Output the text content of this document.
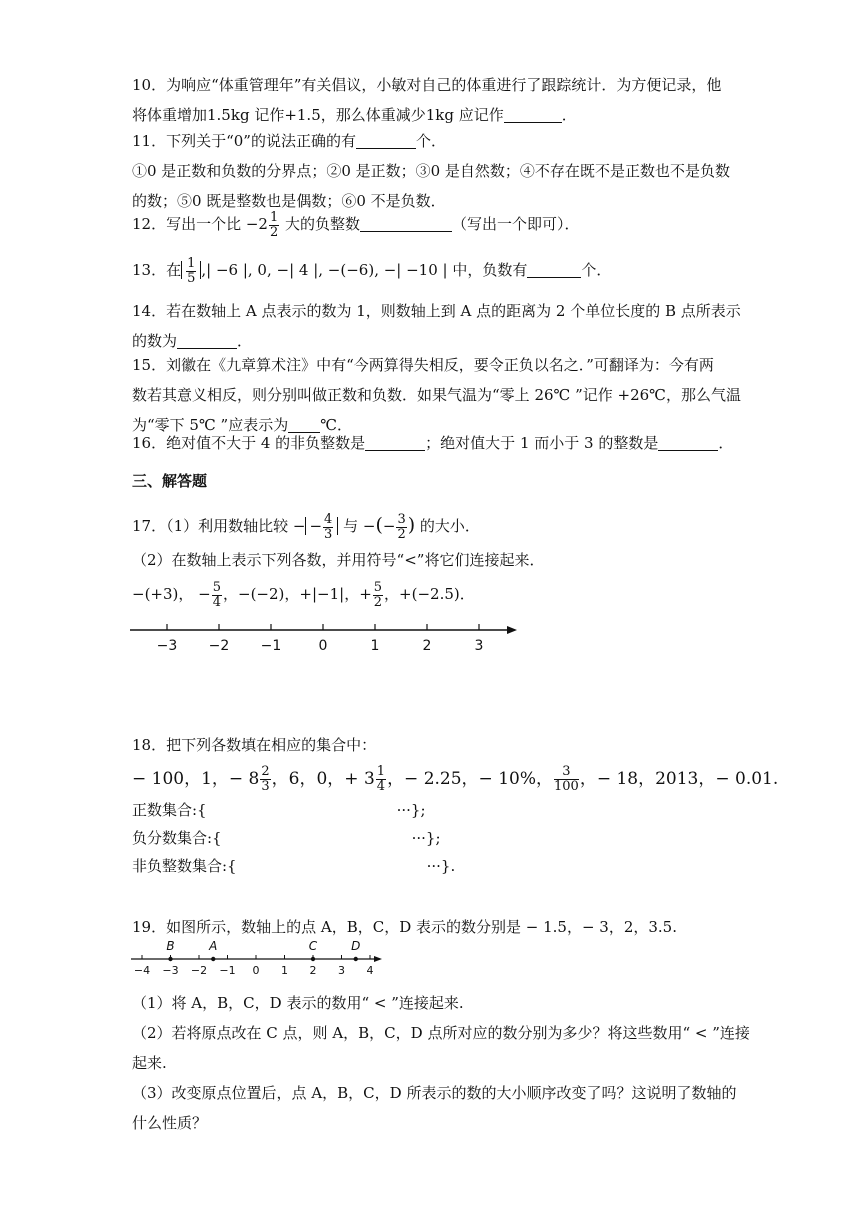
10．为响应“体重管理年”有关倡议，小敏对自己的体重进行了跟踪统计．为方便记录，他
将体重增加1.5kg 记作+1.5，那么体重减少1kg 应记作	．
11．下列关于“0”的说法正确的有	个．
①0 是正数和负数的分界点；②0 是正数；③0 是自然数；④不存在既不是正数也不是负数
的数；⑤0 既是整数也是偶数；⑥0 不是负数．
12．写出一个比 $-2 \frac{1}{2}$ 大的负整数	（写出一个即可）．
13．在 $\frac{1}{5}$ ,| −6 |, 0, −| 4 |, −(−6), −| −10 | 中，负数有	个．
14．若在数轴上 A 点表示的数为 1，则数轴上到 A 点的距离为 2 个单位长度的 B 点所表示
的数为	．
15．刘徽在《九章算术注》中有“今两算得失相反，要令正负以名之．”可翻译为：今有两
数若其意义相反，则分别叫做正数和负数．如果气温为“零上 26℃ ”记作 +26℃，那么气温
为“零下 5℃ ”应表示为 ℃．
16．绝对值不大于 4 的非负整数是	；绝对值大于 1 而小于 3 的整数是	．
三、解答题
17．（1）利用数轴比较 − − $\frac{4}{3}$ 与 −(− $\frac{3}{2}$ ) 的大小．
（2）在数轴上表示下列各数，并用符号“<”将它们连接起来．
−(+3)， − $\frac{5}{4}$ ，−(−2)，+|−1|，+ $\frac{5}{2}$ ，+(−2.5)．
−3 −2 −1	0	1	2	3
18．把下列各数填在相应的集合中：
− 100，1，− $8 \frac{2}{3}$ ，6，0，+ $3 \frac{1}{4}$ ，− 2.25，− 10%， $\frac{3}{100}$ ，− 18，2013，− 0.01.
正数集合:{	···};
负分数集合:{	···};
非负整数集合:{	···}.
19．如图所示，数轴上的点 A，B，C，D 表示的数分别是 − 1.5，− 3，2，3.5.
−4 −3 −2 −1 0 1 2 3 4
B	A	C	D
（1）将 A，B，C，D 表示的数用“ < ”连接起来.
（2）若将原点改在 C 点，则 A，B，C，D 点所对应的数分别为多少？将这些数用“ < ”连接
起来.
（3）改变原点位置后，点 A，B，C，D 所表示的数的大小顺序改变了吗？这说明了数轴的
什么性质？
